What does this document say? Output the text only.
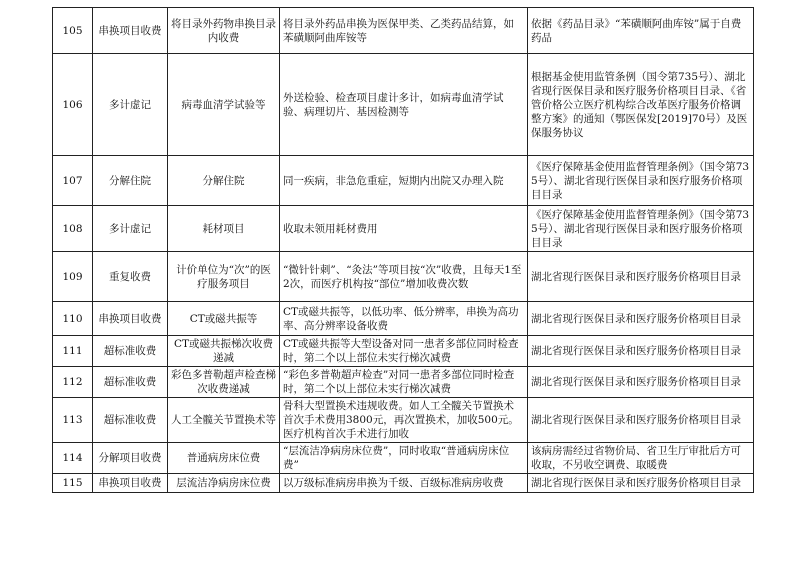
105	串换项目收费	将目录外药物串换目录内收费	将目录外药品串换为医保甲类、乙类药品结算，如苯磺顺阿曲库铵等	依据《药品目录》“苯磺顺阿曲库铵”属于自费药品
106	多计虚记	病毒血清学试验等	外送检验、检查项目虚计多计，如病毒血清学试验、病理切片、基因检测等	根据基金使用监管条例（国令第735号）、湖北省现行医保目录和医疗服务价格项目目录、《省管价格公立医疗机构综合改革医疗服务价格调整方案》的通知（鄂医保发[2019]70号）及医保服务协议
107	分解住院	分解住院	同一疾病，非急危重症，短期内出院又办理入院	《医疗保障基金使用监督管理条例》（国令第735号）、湖北省现行医保目录和医疗服务价格项目目录
108	多计虚记	耗材项目	收取未领用耗材费用	《医疗保障基金使用监督管理条例》（国令第735号）、湖北省现行医保目录和医疗服务价格项目目录
109	重复收费	计价单位为“次”的医疗服务项目	“微针针刺”、“灸法”等项目按“次”收费，且每天1至2次，而医疗机构按“部位”增加收费次数	湖北省现行医保目录和医疗服务价格项目目录
110	串换项目收费	CT或磁共振等	CT或磁共振等，以低功率、低分辨率，串换为高功率、高分辨率设备收费	湖北省现行医保目录和医疗服务价格项目目录
111	超标准收费	CT或磁共振梯次收费递减	CT或磁共振等大型设备对同一患者多部位同时检查时，第二个以上部位未实行梯次减费	湖北省现行医保目录和医疗服务价格项目目录
112	超标准收费	彩色多普勒超声检查梯次收费递减	“彩色多普勒超声检查”对同一患者多部位同时检查时，第二个以上部位未实行梯次减费	湖北省现行医保目录和医疗服务价格项目目录
113	超标准收费	人工全髋关节置换术等	骨科大型置换术违规收费。如人工全髋关节置换术首次手术费用3800元，再次置换术，加收500元。医疗机构首次手术进行加收	湖北省现行医保目录和医疗服务价格项目目录
114	分解项目收费	普通病房床位费	“层流洁净病房床位费”，同时收取“普通病房床位费”	该病房需经过省物价局、省卫生厅审批后方可收取，不另收空调费、取暖费
115	串换项目收费	层流洁净病房床位费	以万级标准病房串换为千级、百级标准病房收费	湖北省现行医保目录和医疗服务价格项目目录
